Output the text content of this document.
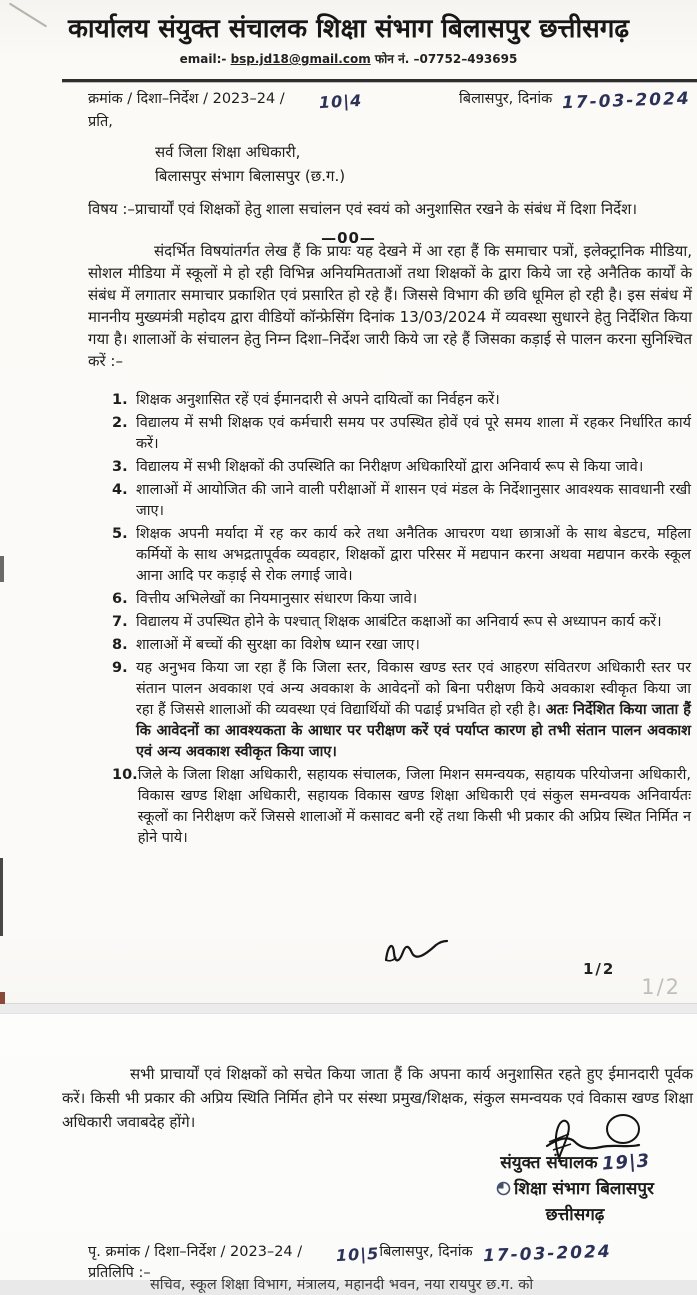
कार्यालय संयुक्त संचालक शिक्षा संभाग बिलासपुर छत्तीसगढ़
email:- bsp.jd18@gmail.com फोन नं. –07752–493695
क्रमांक / दिशा–निर्देश / 2023–24 / 10|4	बिलासपुर, दिनांक 17-03-2024
प्रति,
सर्व जिला शिक्षा अधिकारी,
बिलासपुर संभाग बिलासपुर (छ.ग.)
विषय :– प्राचार्यों एवं शिक्षकों हेतु शाला सचांलन एवं स्वयं को अनुशासित रखने के संबंध में दिशा निर्देश।
—00—
संदर्भित विषयांतर्गत लेख हैं कि प्रायः यह देखने में आ रहा हैं कि समाचार पत्रों, इलेक्ट्रानिक मीडिया, सोशल मीडिया में स्कूलों मे हो रही विभिन्न अनियमितताओं तथा शिक्षकों के द्वारा किये जा रहे अनैतिक कार्यों के संबंध में लगातार समाचार प्रकाशित एवं प्रसारित हो रहे हैं। जिससे विभाग की छवि धूमिल हो रही है। इस संबंध में माननीय मुख्यमंत्री महोदय द्वारा वीडियों कॉन्फ्रेसिंग दिनांक 13/03/2024 में व्यवस्था सुधारने हेतु निर्देशित किया गया है। शालाओं के संचालन हेतु निम्न दिशा–निर्देश जारी किये जा रहे हैं जिसका कड़ाई से पालन करना सुनिश्चित करें :–
1. शिक्षक अनुशासित रहें एवं ईमानदारी से अपने दायित्वों का निर्वहन करें।
2. विद्यालय में सभी शिक्षक एवं कर्मचारी समय पर उपस्थित होवें एवं पूरे समय शाला में रहकर निर्धारित कार्य करें।
3. विद्यालय में सभी शिक्षकों की उपस्थिति का निरीक्षण अधिकारियों द्वारा अनिवार्य रूप से किया जावे।
4. शालाओं में आयोजित की जाने वाली परीक्षाओं में शासन एवं मंडल के निर्देशानुसार आवश्यक सावधानी रखी जाए।
5. शिक्षक अपनी मर्यादा में रह कर कार्य करे तथा अनैतिक आचरण यथा छात्राओं के साथ बेडटच, महिला कर्मियों के साथ अभद्रतापूर्वक व्यवहार, शिक्षकों द्वारा परिसर में मद्यपान करना अथवा मद्यपान करके स्कूल आना आदि पर कड़ाई से रोक लगाई जावे।
6. वित्तीय अभिलेखों का नियमानुसार संधारण किया जावे।
7. विद्यालय में उपस्थित होने के पश्चात् शिक्षक आबंटित कक्षाओं का अनिवार्य रूप से अध्यापन कार्य करें।
8. शालाओं में बच्चों की सुरक्षा का विशेष ध्यान रखा जाए।
9. यह अनुभव किया जा रहा हैं कि जिला स्तर, विकास खण्ड स्तर एवं आहरण संवितरण अधिकारी स्तर पर संतान पालन अवकाश एवं अन्य अवकाश के आवेदनों को बिना परीक्षण किये अवकाश स्वीकृत किया जा रहा हैं जिससे शालाओं की व्यवस्था एवं विद्यार्थियों की पढाई प्रभवित हो रही है। अतः निर्देशित किया जाता हैं कि आवेदनों का आवश्यकता के आधार पर परीक्षण करें एवं पर्याप्त कारण हो तभी संतान पालन अवकाश एवं अन्य अवकाश स्वीकृत किया जाए।
10. जिले के जिला शिक्षा अधिकारी, सहायक संचालक, जिला मिशन समन्वयक, सहायक परियोजना अधिकारी, विकास खण्ड शिक्षा अधिकारी, सहायक विकास खण्ड शिक्षा अधिकारी एवं संकुल समन्वयक अनिवार्यतः स्कूलों का निरीक्षण करें जिससे शालाओं में कसावट बनी रहें तथा किसी भी प्रकार की अप्रिय स्थित निर्मित न होने पाये।
1/2
1/2
सभी प्राचार्यों एवं शिक्षकों को सचेत किया जाता हैं कि अपना कार्य अनुशासित रहते हुए ईमानदारी पूर्वक करें। किसी भी प्रकार की अप्रिय स्थिति निर्मित होने पर संस्था प्रमुख/शिक्षक, संकुल समन्वयक एवं विकास खण्ड शिक्षा अधिकारी जवाबदेह होंगे।
संयुक्त संचालक 19|3
शिक्षा संभाग बिलासपुर
छत्तीसगढ़
पृ. क्रमांक / दिशा–निर्देश / 2023–24 / 10|5 बिलासपुर, दिनांक 17-03-2024
प्रतिलिपि :–
सचिव, स्कूल शिक्षा विभाग, मंत्रालय, महानदी भवन, नया रायपुर छ.ग. को
